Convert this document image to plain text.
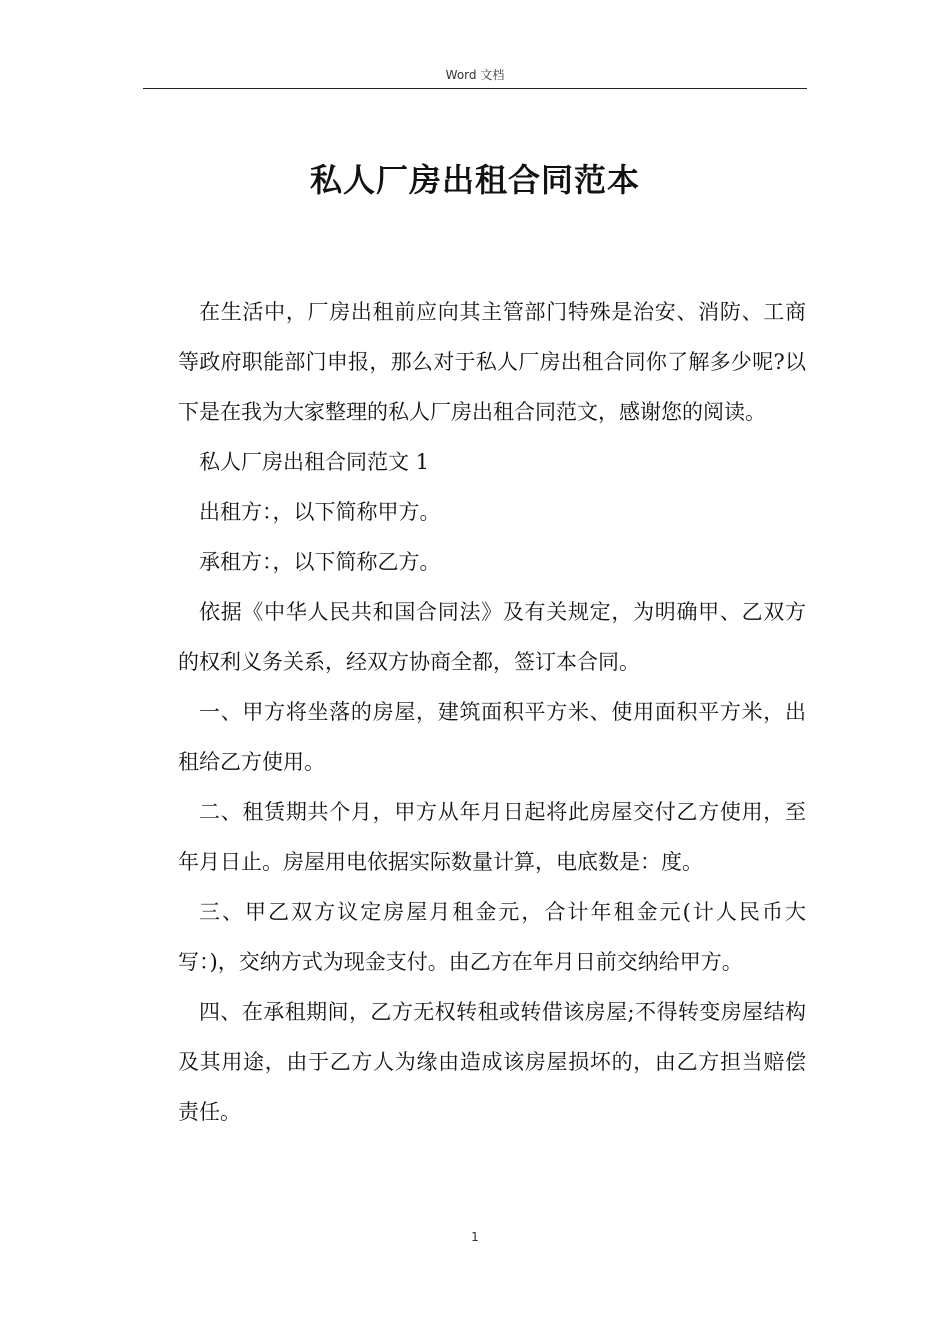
Word 文档
私人厂房出租合同范本

在生活中，厂房出租前应向其主管部门特殊是治安、消防、工商等政府职能部门申报，那么对于私人厂房出租合同你了解多少呢?以下是在我为大家整理的私人厂房出租合同范文，感谢您的阅读。

私人厂房出租合同范文 1

出租方：，以下简称甲方。

承租方：，以下简称乙方。

依据《中华人民共和国合同法》及有关规定，为明确甲、乙双方的权利义务关系，经双方协商全都，签订本合同。

一、甲方将坐落的房屋，建筑面积平方米、使用面积平方米，出租给乙方使用。

二、租赁期共个月，甲方从年月日起将此房屋交付乙方使用，至年月日止。房屋用电依据实际数量计算，电底数是：度。

三、甲乙双方议定房屋月租金元，合计年租金元(计人民币大写：)，交纳方式为现金支付。由乙方在年月日前交纳给甲方。

四、在承租期间，乙方无权转租或转借该房屋;不得转变房屋结构及其用途，由于乙方人为缘由造成该房屋损坏的，由乙方担当赔偿责任。

1
